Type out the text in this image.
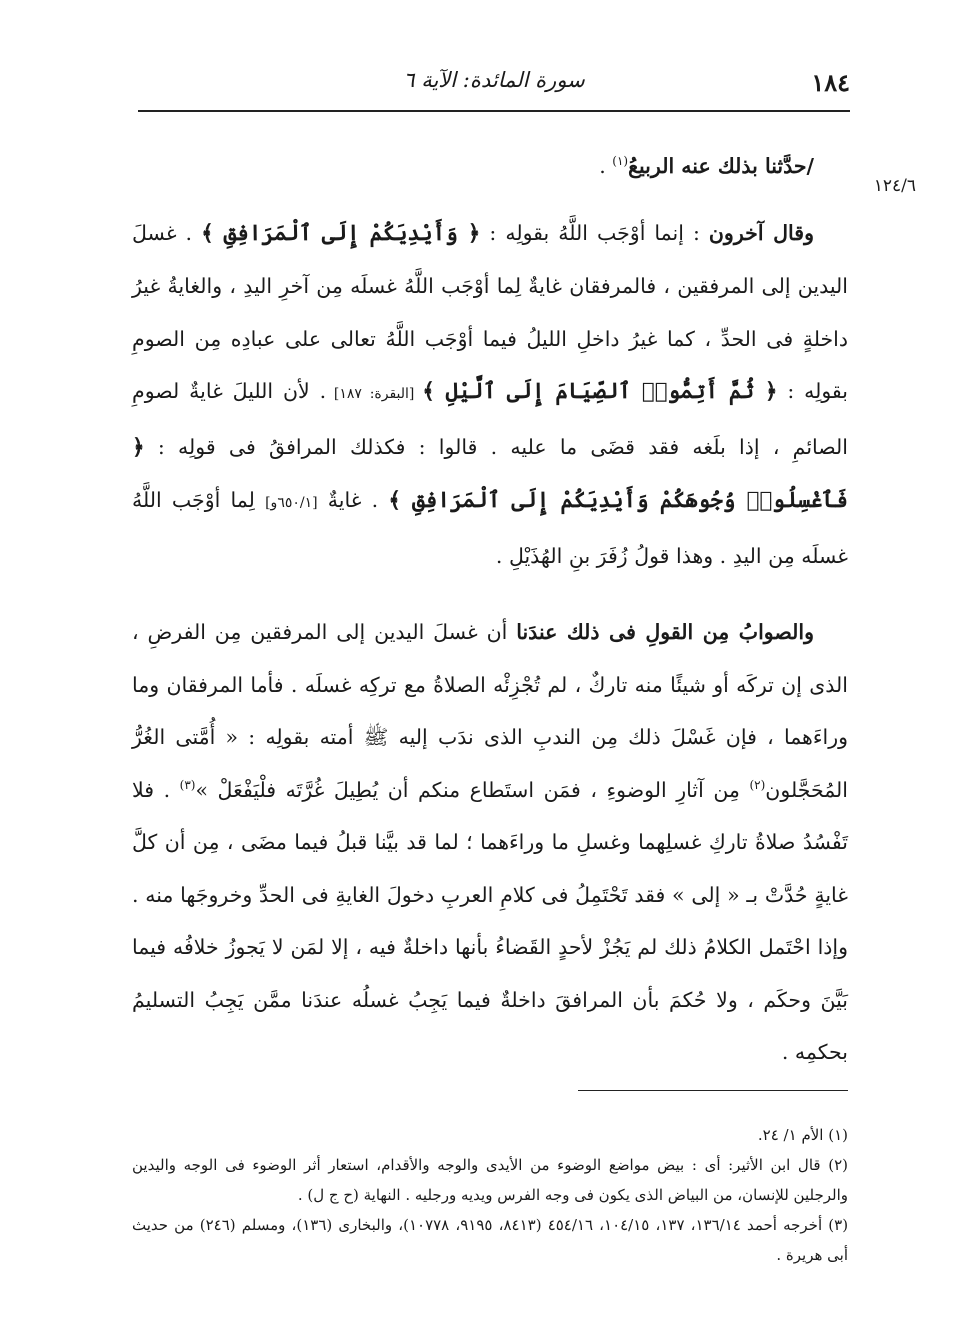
١٨٤
سورة المائدة: الآية ٦
١٢٤/٦

/حدَّثنا بذلك عنه الربيعُ$^{(١)}$ .

وقال آخرون : إنما أوْجَب اللَّهُ بقولِه : ﴿ وَأَيْدِيَكُمْ إِلَى ٱلْمَرَافِقِ ﴾ . غسلَ اليدين إلى المرفقين ، فالمرفقان غايةٌ لِما أوْجَب اللَّهُ غسلَه مِن آخرِ اليدِ ، والغايةُ غيرُ داخلةٍ فى الحدِّ ، كما غيرُ داخلِ الليلُ فيما أوْجَب اللَّهُ تعالى على عبادِه مِن الصومِ بقولِه : ﴿ ثُمَّ أَتِمُّوا۟ ٱلصِّيَامَ إِلَى ٱلَّيْلِ ﴾ [البقرة: ١٨٧] . لأن الليلَ غايةٌ لصومِ الصائمِ ، إذا بلَغه فقد قضَى ما عليه . قالوا : فكذلك المرافقُ فى قولِه : ﴿ فَٱغْسِلُوا۟ وُجُوهَكُمْ وَأَيْدِيَكُمْ إِلَى ٱلْمَرَافِقِ ﴾ . غايةٌ [٦٥٠/١و] لِما أوْجَب اللَّهُ غسلَه مِن اليدِ . وهذا قولُ زُفَرَ بنِ الهُذَيْلِ .

والصوابُ مِن القولِ فى ذلك عندَنا أن غسلَ اليدين إلى المرفقين مِن الفرضِ ، الذى إن تركَه أو شيئًا منه تاركٌ ، لم تُجْزِئْه الصلاةُ مع تركِه غسلَه . فأما المرفقان وما وراءَهما ، فإن غَسْلَ ذلك مِن الندبِ الذى ندَب إليه ﷺ أمته بقولِه : « أُمَّتى الغُرُّ المُحَجَّلون$^{(٢)}$ مِن آثارِ الوضوءِ ، فمَن استَطاع منكم أن يُطِيلَ غُرَّتَه فلْيَفْعَلْ »$^{(٣)}$ . فلا تَفْسُدُ صلاةُ تاركِ غسلِهما وغسلِ ما وراءَهما ؛ لما قد بيَّنا قبلُ فيما مضَى ، مِن أن كلَّ غايةٍ حُدَّتْ بـ « إلى » فقد تَحْتَمِلُ فى كلامِ العربِ دخولَ الغايةِ فى الحدِّ وخروجَها منه . وإذا احْتَمل الكلامُ ذلك لم يَجُزْ لأحدٍ القَضاءُ بأنها داخلةٌ فيه ، إلا لمَن لا يَجوزُ خلافُه فيما بَيَّنَ وحكَم ، ولا حُكمَ بأن المرافقَ داخلةٌ فيما يَجِبُ غسلُه عندَنا ممَّن يَجِبُ التسليمُ بحكمِه .

(١) الأم ١/ ٢٤.

(٢) قال ابن الأثير: أى : بيض مواضع الوضوء من الأيدى والوجه والأقدام، استعار أثر الوضوء فى الوجه واليدين والرجلين للإنسان، من البياض الذى يكون فى وجه الفرس ويديه ورجليه . النهاية (ح ج ل) .

(٣) أخرجه أحمد ١٣٦/١٤، ١٣٧، ١٠٤/١٥، ٤٥٤/١٦ (٨٤١٣، ٩١٩٥، ١٠٧٧٨)، والبخارى (١٣٦)، ومسلم (٢٤٦) من حديث أبى هريرة .
